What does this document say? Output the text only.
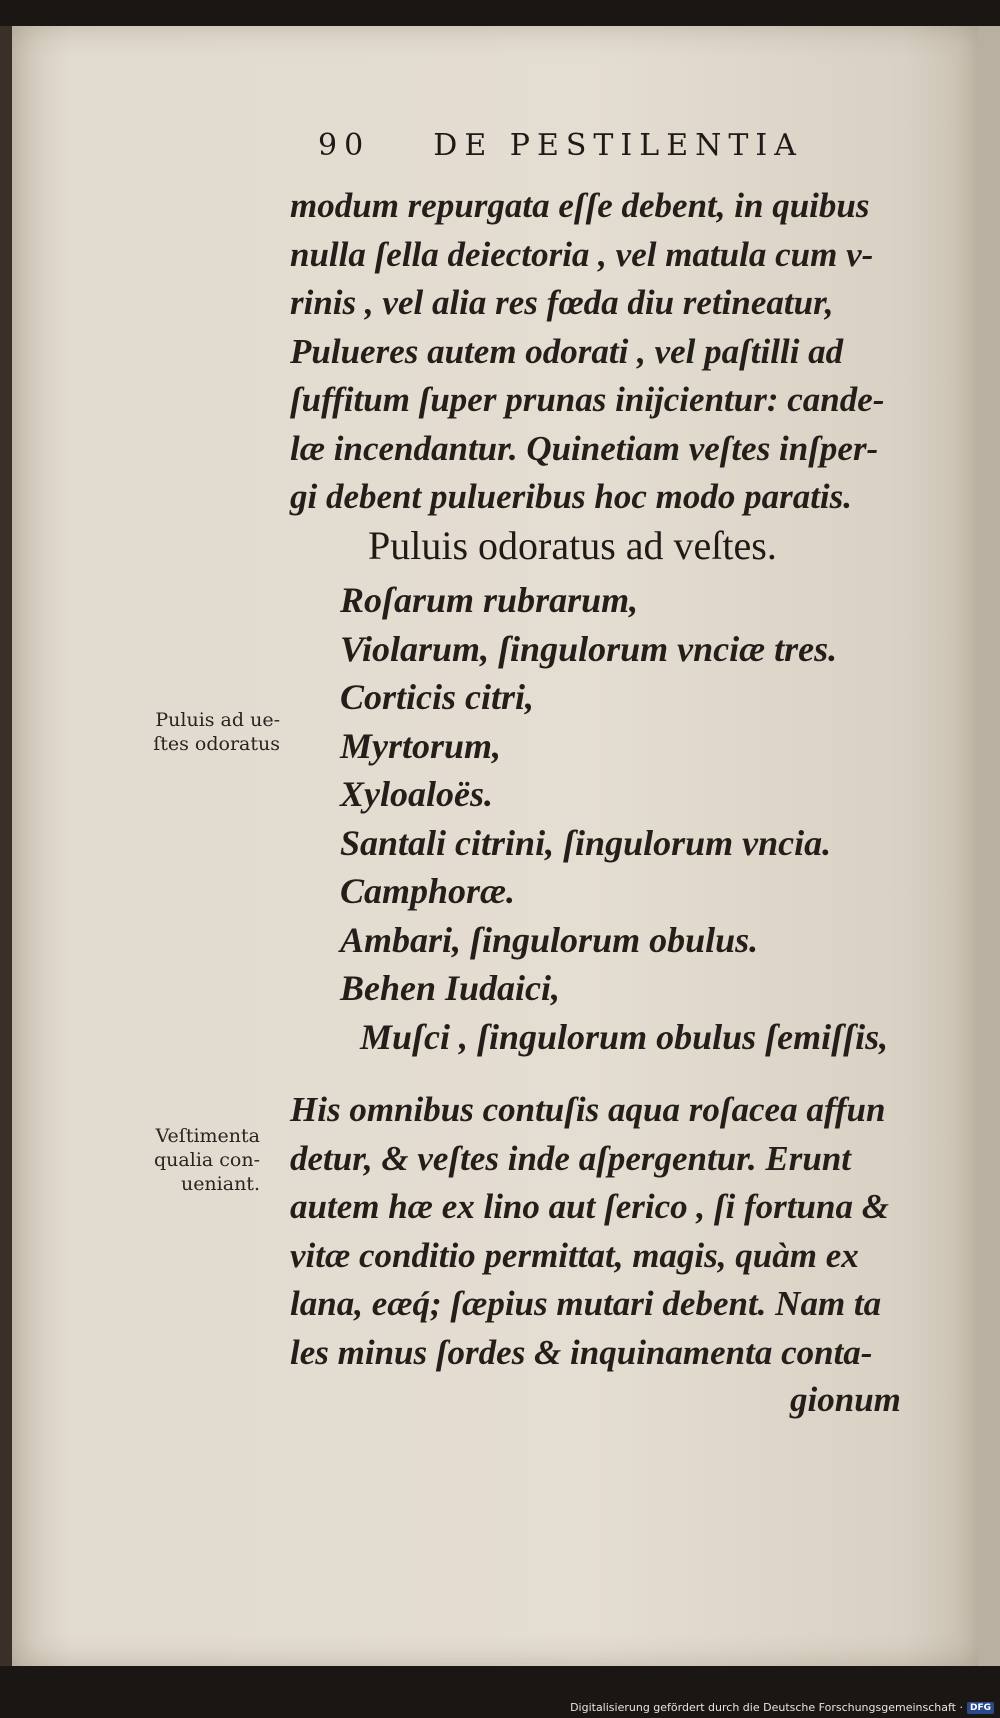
90 DE PESTILENTIA
modum repurgata eſſe debent, in quibus
nulla ſella deiectoria , vel matula cum v-
rinis , vel alia res fœda diu retineatur,
Pulueres autem odorati , vel paſtilli ad
ſuffitum ſuper prunas inijcientur: cande-
læ incendantur. Quinetiam veſtes inſper-
gi debent pulueribus hoc modo paratis.
Puluis odoratus ad veſtes.
Roſarum rubrarum,
Violarum, ſingulorum vnciæ tres.
Corticis citri,
Myrtorum,
Xyloaloës.
Santali citrini, ſingulorum vncia.
Camphoræ.
Ambari, ſingulorum obulus.
Behen Iudaici,
Muſci , ſingulorum obulus ſemiſſis,
His omnibus contuſis aqua roſacea affun
detur, & veſtes inde aſpergentur. Erunt
autem hæ ex lino aut ſerico , ſi fortuna &
vitæ conditio permittat, magis, quàm ex
lana, eæq́; ſæpius mutari debent. Nam ta
les minus ſordes & inquinamenta conta-
gionum
Puluis ad ue-
ſtes odoratus
Veſtimenta
qualia con-
ueniant.
Digitalisierung gefördert durch die Deutsche Forschungsgemeinschaft · DFG
